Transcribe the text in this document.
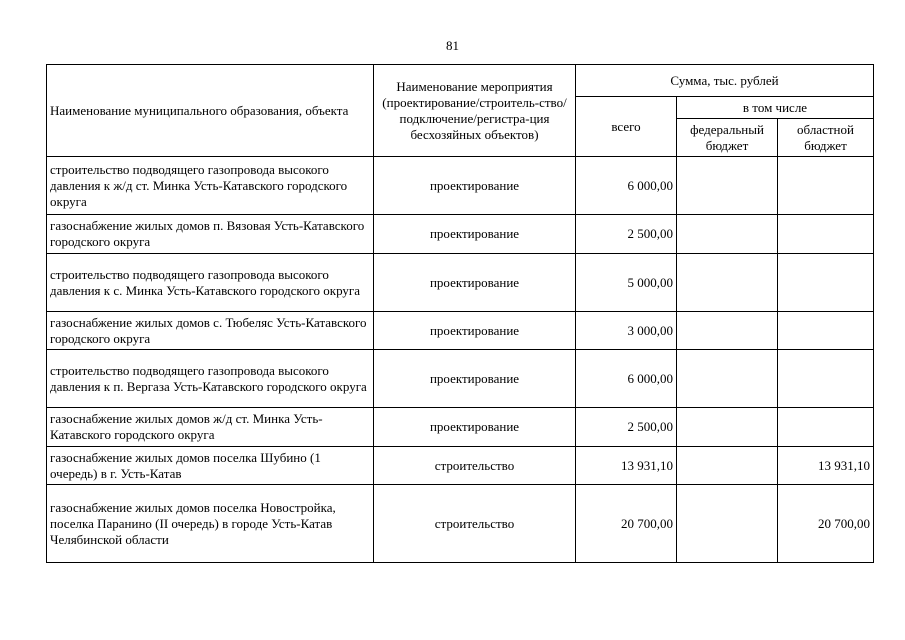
81
Наименование муниципального образования, объекта	Наименование мероприятия (проектирование/строитель-ство/подключение/регистра-ция бесхозяйных объектов)	Сумма, тыс. рублей		
		всего	в том числе	
			федеральный бюджет	областной бюджет
строительство подводящего газопровода высокого давления к ж/д ст. Минка Усть-Катавского городского округа	проектирование	6 000,00		
газоснабжение жилых домов п. Вязовая Усть-Катавского городского округа	проектирование	2 500,00		
строительство подводящего газопровода высокого давления к с. Минка Усть-Катавского городского округа	проектирование	5 000,00		
газоснабжение жилых домов с. Тюбеляс Усть-Катавского городского округа	проектирование	3 000,00		
строительство подводящего газопровода высокого давления к п. Вергаза Усть-Катавского городского округа	проектирование	6 000,00		
газоснабжение жилых домов ж/д ст. Минка Усть-Катавского городского округа	проектирование	2 500,00		
газоснабжение жилых домов поселка Шубино (1 очередь) в г. Усть-Катав	строительство	13 931,10		13 931,10
газоснабжение жилых домов поселка Новостройка, поселка Паранино (II очередь) в городе Усть-Катав Челябинской области	строительство	20 700,00		20 700,00
